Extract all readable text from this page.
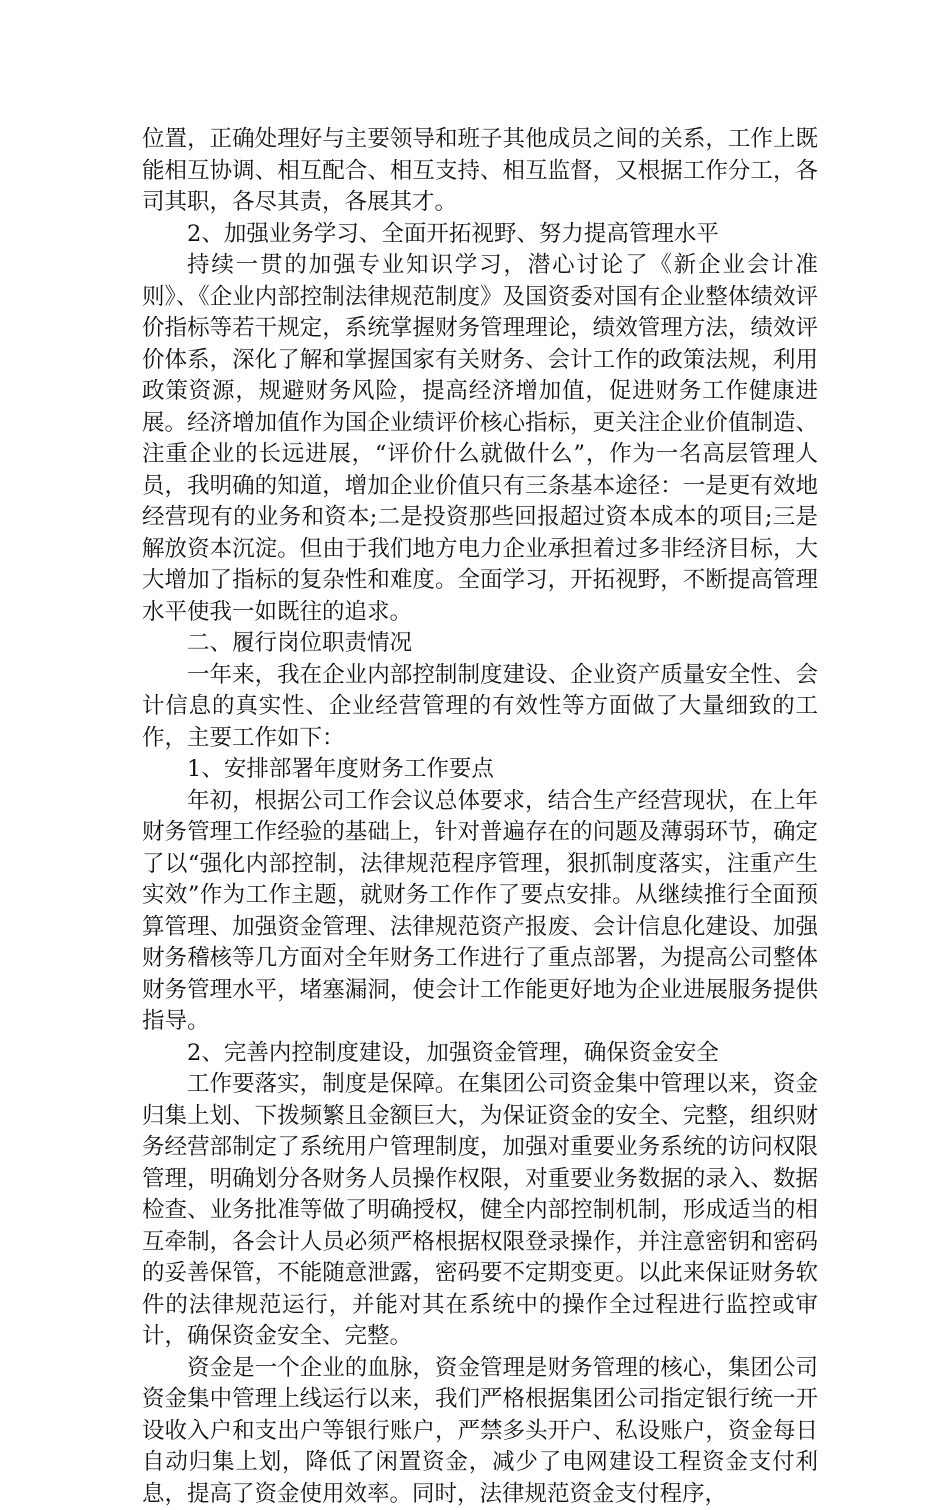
位置，正确处理好与主要领导和班子其他成员之间的关系，工作上既能相互协调、相互配合、相互支持、相互监督，又根据工作分工，各司其职，各尽其责，各展其才。

2、加强业务学习、全面开拓视野、努力提高管理水平

持续一贯的加强专业知识学习，潜心讨论了《新企业会计准则》、《企业内部控制法律规范制度》及国资委对国有企业整体绩效评价指标等若干规定，系统掌握财务管理理论，绩效管理方法，绩效评价体系，深化了解和掌握国家有关财务、会计工作的政策法规，利用政策资源，规避财务风险，提高经济增加值，促进财务工作健康进展。经济增加值作为国企业绩评价核心指标，更关注企业价值制造、注重企业的长远进展，“评价什么就做什么”，作为一名高层管理人员，我明确的知道，增加企业价值只有三条基本途径：一是更有效地经营现有的业务和资本;二是投资那些回报超过资本成本的项目;三是解放资本沉淀。但由于我们地方电力企业承担着过多非经济目标，大大增加了指标的复杂性和难度。全面学习，开拓视野，不断提高管理水平使我一如既往的追求。

二、履行岗位职责情况

一年来，我在企业内部控制制度建设、企业资产质量安全性、会计信息的真实性、企业经营管理的有效性等方面做了大量细致的工作，主要工作如下：

1、安排部署年度财务工作要点

年初，根据公司工作会议总体要求，结合生产经营现状，在上年财务管理工作经验的基础上，针对普遍存在的问题及薄弱环节，确定了以“强化内部控制，法律规范程序管理，狠抓制度落实，注重产生实效”作为工作主题，就财务工作作了要点安排。从继续推行全面预算管理、加强资金管理、法律规范资产报废、会计信息化建设、加强财务稽核等几方面对全年财务工作进行了重点部署，为提高公司整体财务管理水平，堵塞漏洞，使会计工作能更好地为企业进展服务提供指导。

2、完善内控制度建设，加强资金管理，确保资金安全

工作要落实，制度是保障。在集团公司资金集中管理以来，资金归集上划、下拨频繁且金额巨大，为保证资金的安全、完整，组织财务经营部制定了系统用户管理制度，加强对重要业务系统的访问权限管理，明确划分各财务人员操作权限，对重要业务数据的录入、数据检查、业务批准等做了明确授权，健全内部控制机制，形成适当的相互牵制，各会计人员必须严格根据权限登录操作，并注意密钥和密码的妥善保管，不能随意泄露，密码要不定期变更。以此来保证财务软件的法律规范运行，并能对其在系统中的操作全过程进行监控或审计，确保资金安全、完整。

资金是一个企业的血脉，资金管理是财务管理的核心，集团公司资金集中管理上线运行以来，我们严格根据集团公司指定银行统一开设收入户和支出户等银行账户，严禁多头开户、私设账户，资金每日自动归集上划，降低了闲置资金，减少了电网建设工程资金支付利息，提高了资金使用效率。同时，法律规范资金支付程序，
